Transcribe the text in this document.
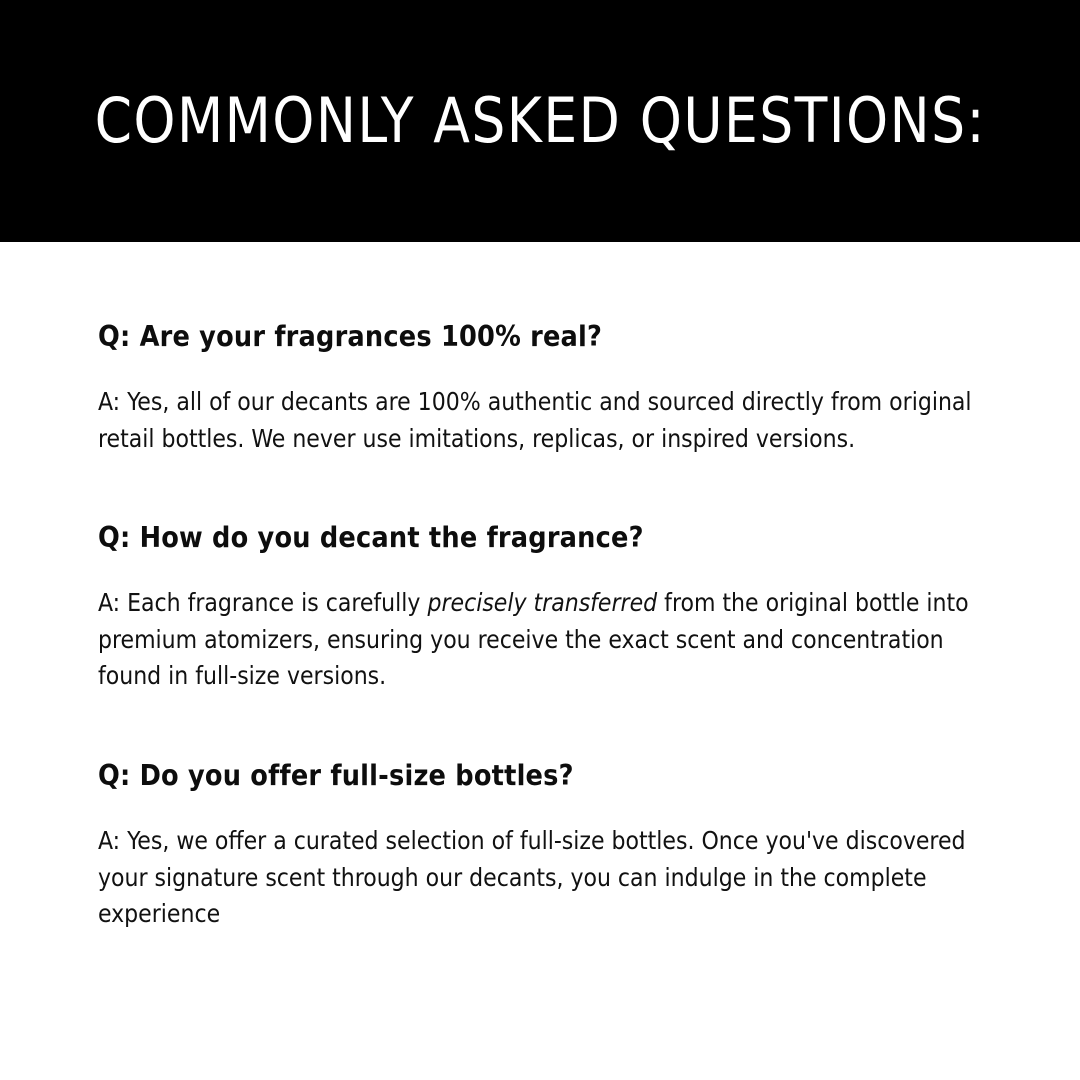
COMMONLY ASKED QUESTIONS:

Q: Are your fragrances 100% real?

A: Yes, all of our decants are 100% authentic and sourced directly from original retail bottles. We never use imitations, replicas, or inspired versions.

Q: How do you decant the fragrance?

A: Each fragrance is carefully precisely transferred from the original bottle into premium atomizers, ensuring you receive the exact scent and concentration found in full-size versions.

Q: Do you offer full-size bottles?

A: Yes, we offer a curated selection of full-size bottles. Once you've discovered your signature scent through our decants, you can indulge in the complete experience
